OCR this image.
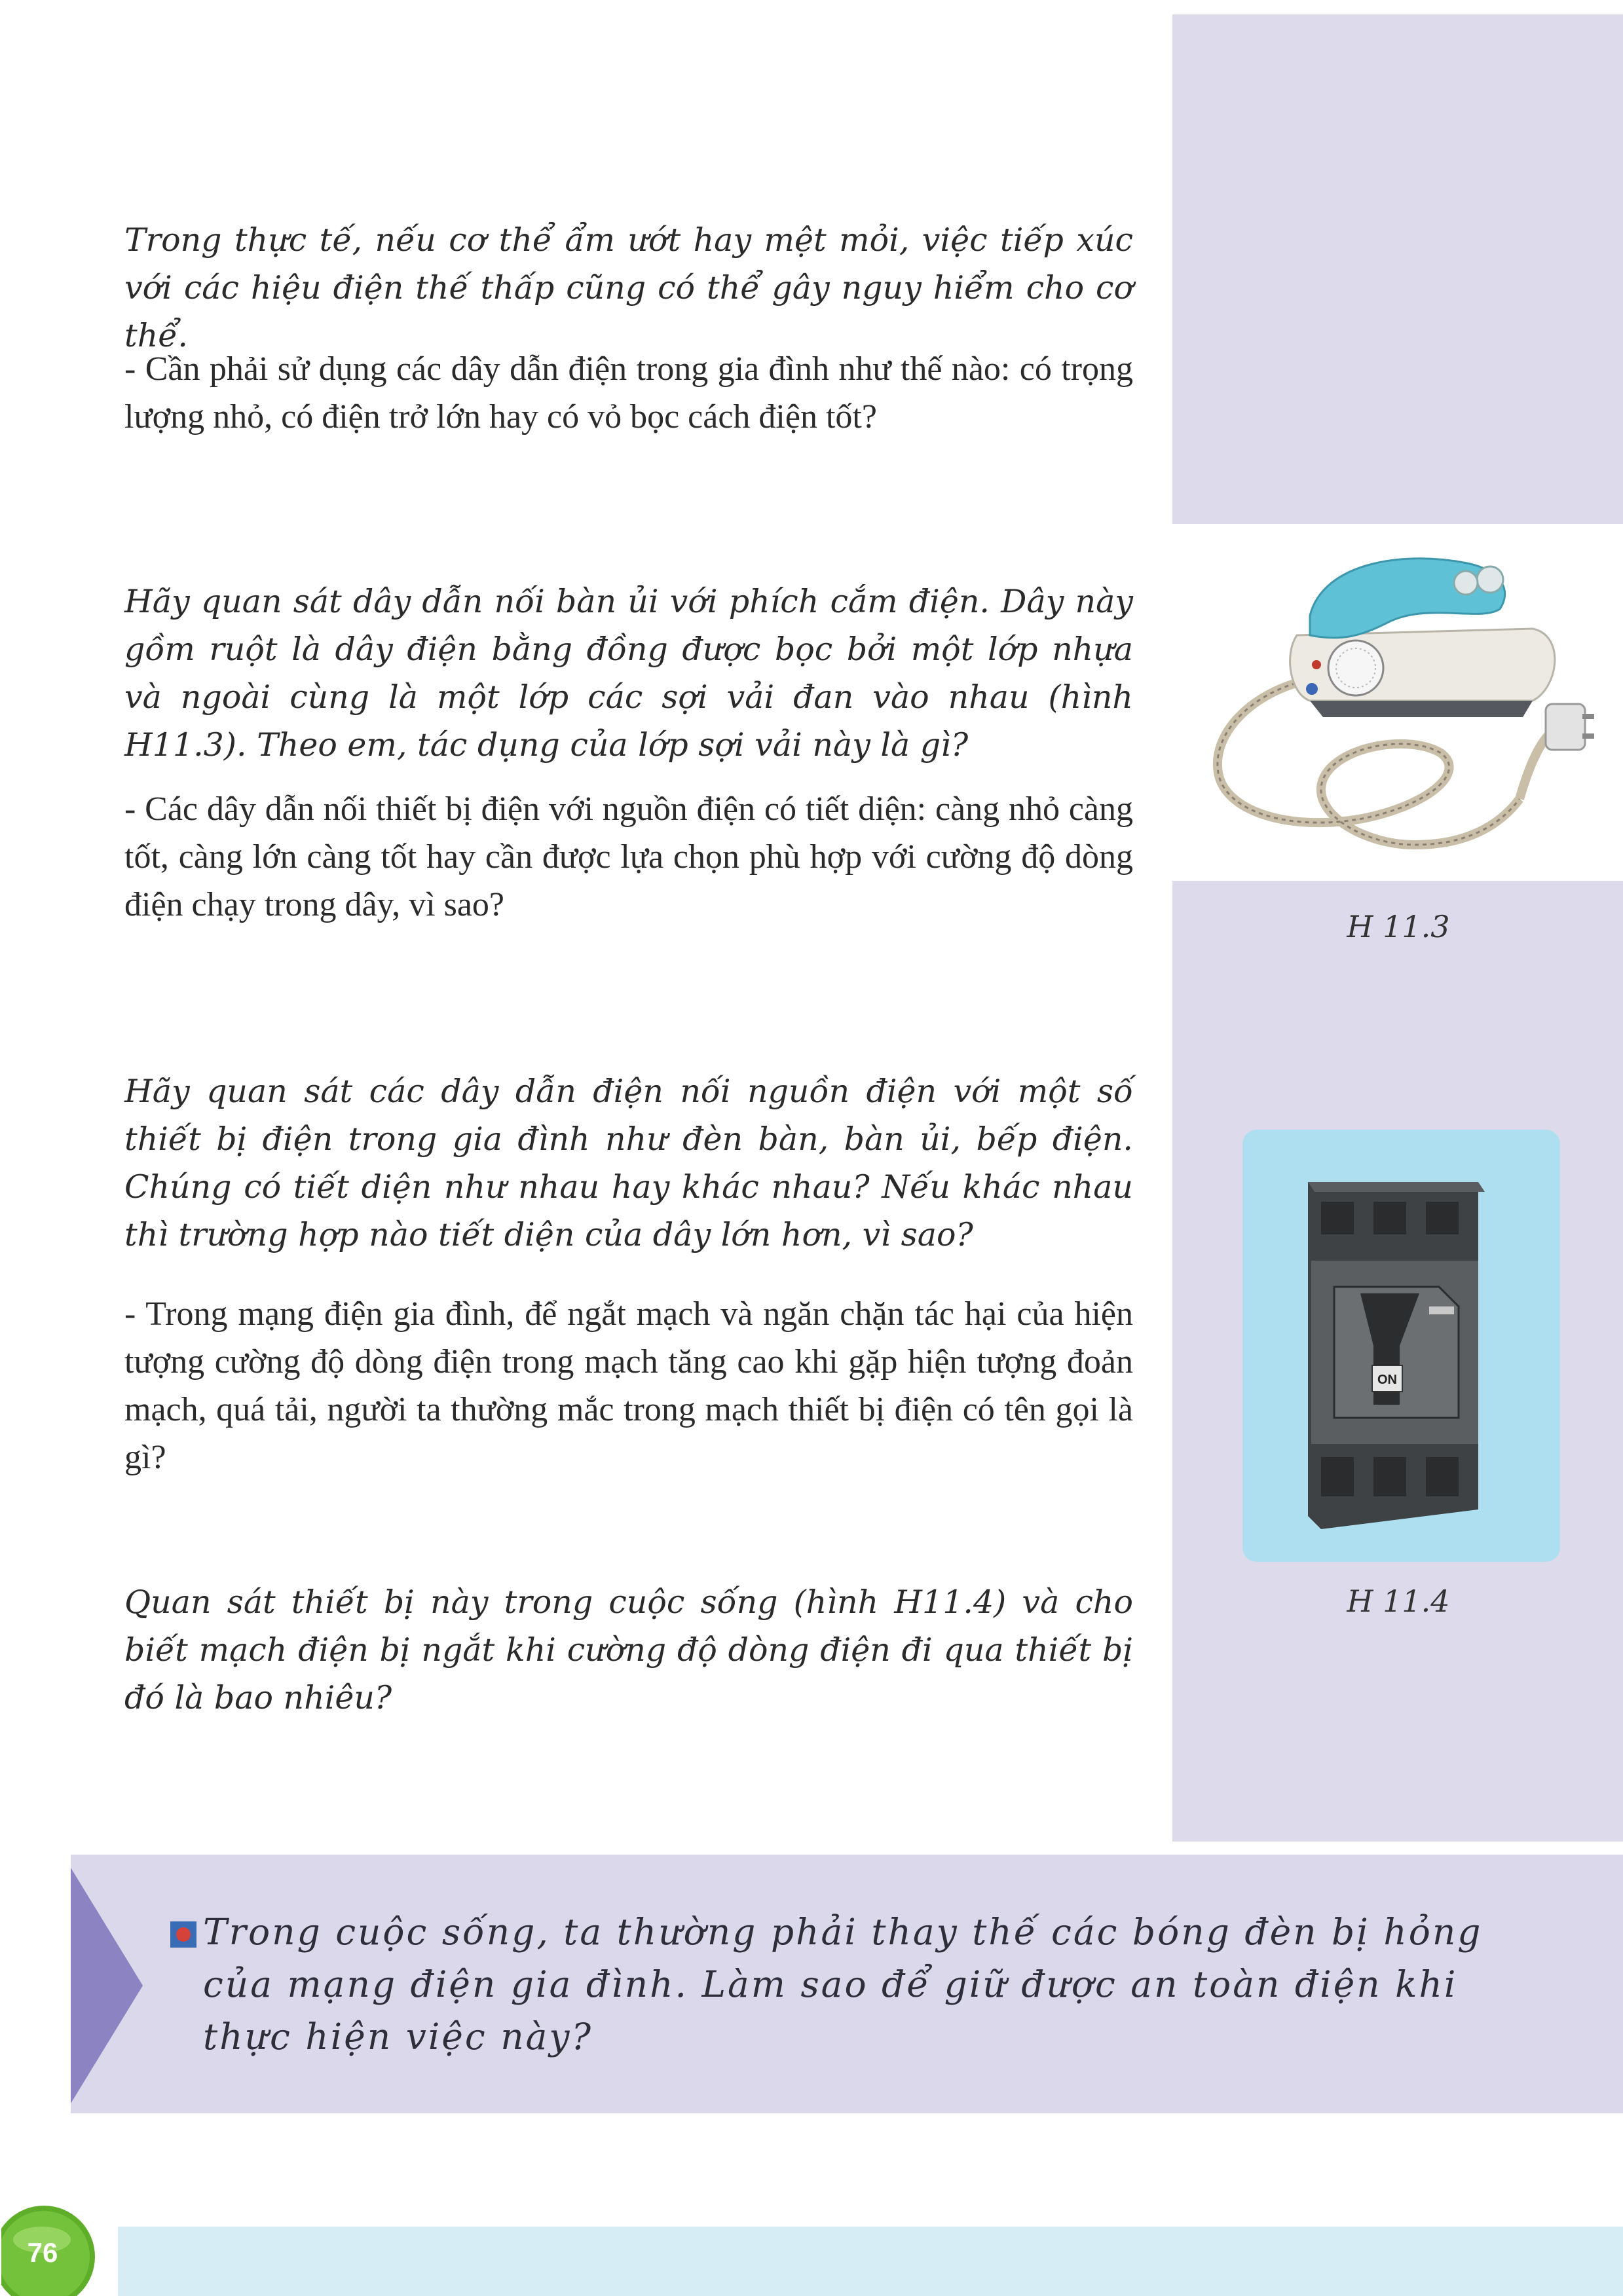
Trong thực tế, nếu cơ thể ẩm ướt hay mệt mỏi, việc tiếp xúc với các hiệu điện thế thấp cũng có thể gây nguy hiểm cho cơ thể.

- Cần phải sử dụng các dây dẫn điện trong gia đình như thế nào: có trọng lượng nhỏ, có điện trở lớn hay có vỏ bọc cách điện tốt?

Hãy quan sát dây dẫn nối bàn ủi với phích cắm điện. Dây này gồm ruột là dây điện bằng đồng được bọc bởi một lớp nhựa và ngoài cùng là một lớp các sợi vải đan vào nhau (hình H11.3). Theo em, tác dụng của lớp sợi vải này là gì?

- Các dây dẫn nối thiết bị điện với nguồn điện có tiết diện: càng nhỏ càng tốt, càng lớn càng tốt hay cần được lựa chọn phù hợp với cường độ dòng điện chạy trong dây, vì sao?

Hãy quan sát các dây dẫn điện nối nguồn điện với một số thiết bị điện trong gia đình như đèn bàn, bàn ủi, bếp điện. Chúng có tiết diện như nhau hay khác nhau? Nếu khác nhau thì trường hợp nào tiết diện của dây lớn hơn, vì sao?

- Trong mạng điện gia đình, để ngắt mạch và ngăn chặn tác hại của hiện tượng cường độ dòng điện trong mạch tăng cao khi gặp hiện tượng đoản mạch, quá tải, người ta thường mắc trong mạch thiết bị điện có tên gọi là gì?

Quan sát thiết bị này trong cuộc sống (hình H11.4) và cho biết mạch điện bị ngắt khi cường độ dòng điện đi qua thiết bị đó là bao nhiêu?

H 11.3
ON
H 11.4

Trong cuộc sống, ta thường phải thay thế các bóng đèn bị hỏng của mạng điện gia đình. Làm sao để giữ được an toàn điện khi thực hiện việc này?

76
